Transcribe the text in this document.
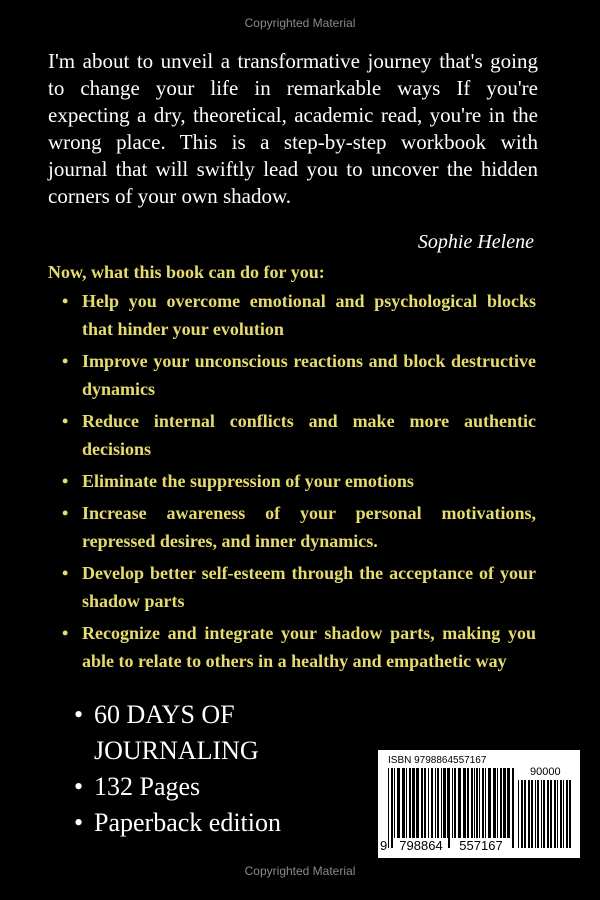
Copyrighted Material

I'm about to unveil a transformative journey that's going to change your life in remarkable ways If you're expecting a dry, theoretical, academic read, you're in the wrong place. This is a step-by-step workbook with journal that will swiftly lead you to uncover the hidden corners of your own shadow.

Sophie Helene

Now, what this book can do for you:

• Help you overcome emotional and psychological blocks that hinder your evolution
• Improve your unconscious reactions and block destructive dynamics
• Reduce internal conflicts and make more authentic decisions
• Eliminate the suppression of your emotions
• Increase awareness of your personal motivations, repressed desires, and inner dynamics.
• Develop better self-esteem through the acceptance of your shadow parts
• Recognize and integrate your shadow parts, making you able to relate to others in a healthy and empathetic way
• 60 DAYS OF JOURNALING
• 132 Pages
• Paperback edition
ISBN 9798864557167
90000
9 798864	557167
Copyrighted Material
